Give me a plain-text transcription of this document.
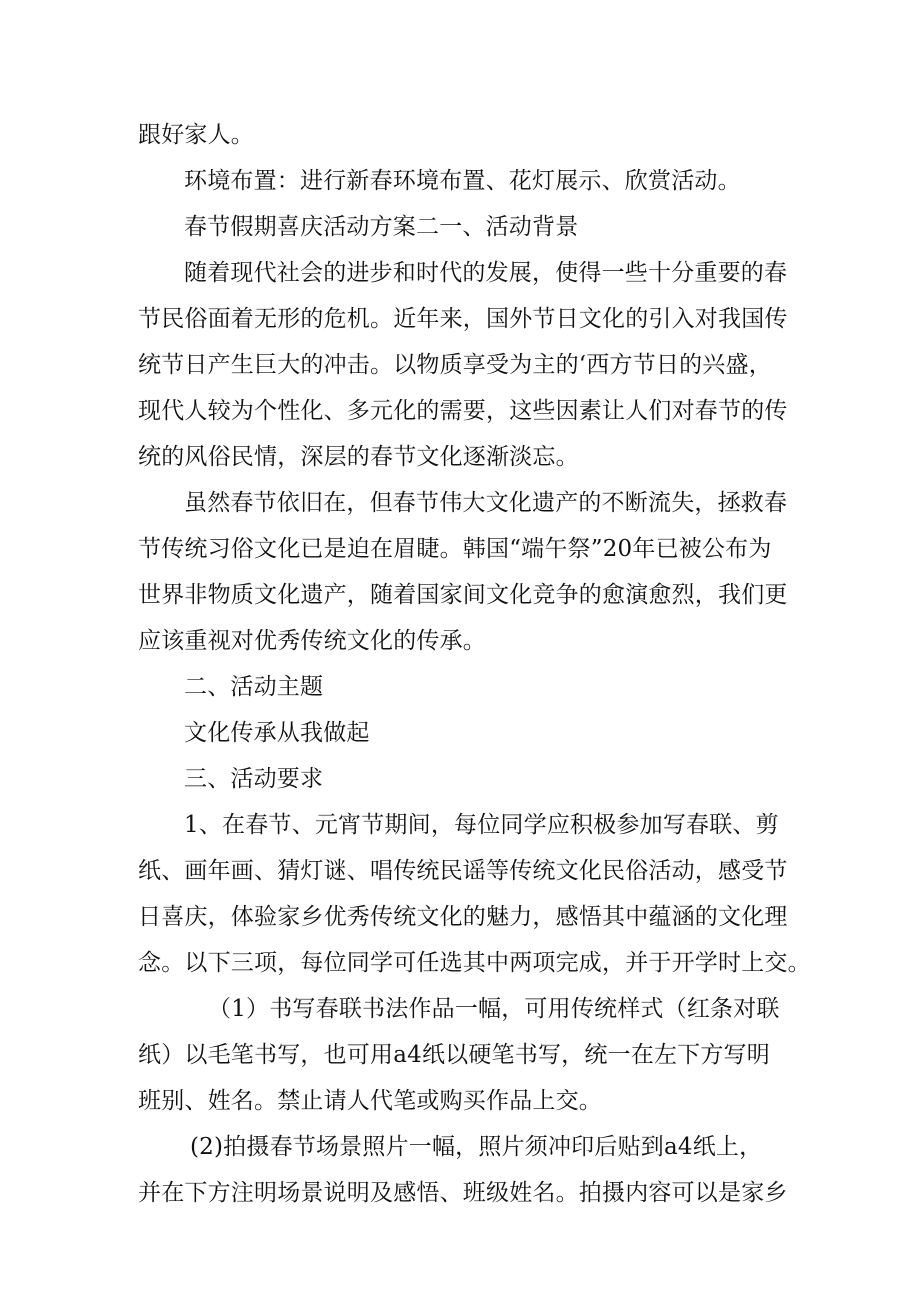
跟好家人。
环境布置：进行新春环境布置、花灯展示、欣赏活动。
春节假期喜庆活动方案二一、活动背景
随着现代社会的进步和时代的发展，使得一些十分重要的春
节民俗面着无形的危机。近年来，国外节日文化的引入对我国传
统节日产生巨大的冲击。以物质享受为主的‘西方节日的兴盛，
现代人较为个性化、多元化的需要，这些因素让人们对春节的传
统的风俗民情，深层的春节文化逐渐淡忘。
虽然春节依旧在，但春节伟大文化遗产的不断流失，拯救春
节传统习俗文化已是迫在眉睫。韩国“端午祭”20年已被公布为
世界非物质文化遗产，随着国家间文化竞争的愈演愈烈，我们更
应该重视对优秀传统文化的传承。
二、活动主题
文化传承从我做起
三、活动要求
1、在春节、元宵节期间，每位同学应积极参加写春联、剪
纸、画年画、猜灯谜、唱传统民谣等传统文化民俗活动，感受节
日喜庆，体验家乡优秀传统文化的魅力，感悟其中蕴涵的文化理
念。以下三项，每位同学可任选其中两项完成，并于开学时上交。
（1）书写春联书法作品一幅，可用传统样式（红条对联
纸）以毛笔书写，也可用a4纸以硬笔书写，统一在左下方写明
班别、姓名。禁止请人代笔或购买作品上交。
(2)拍摄春节场景照片一幅，照片须冲印后贴到a4纸上，
并在下方注明场景说明及感悟、班级姓名。拍摄内容可以是家乡
